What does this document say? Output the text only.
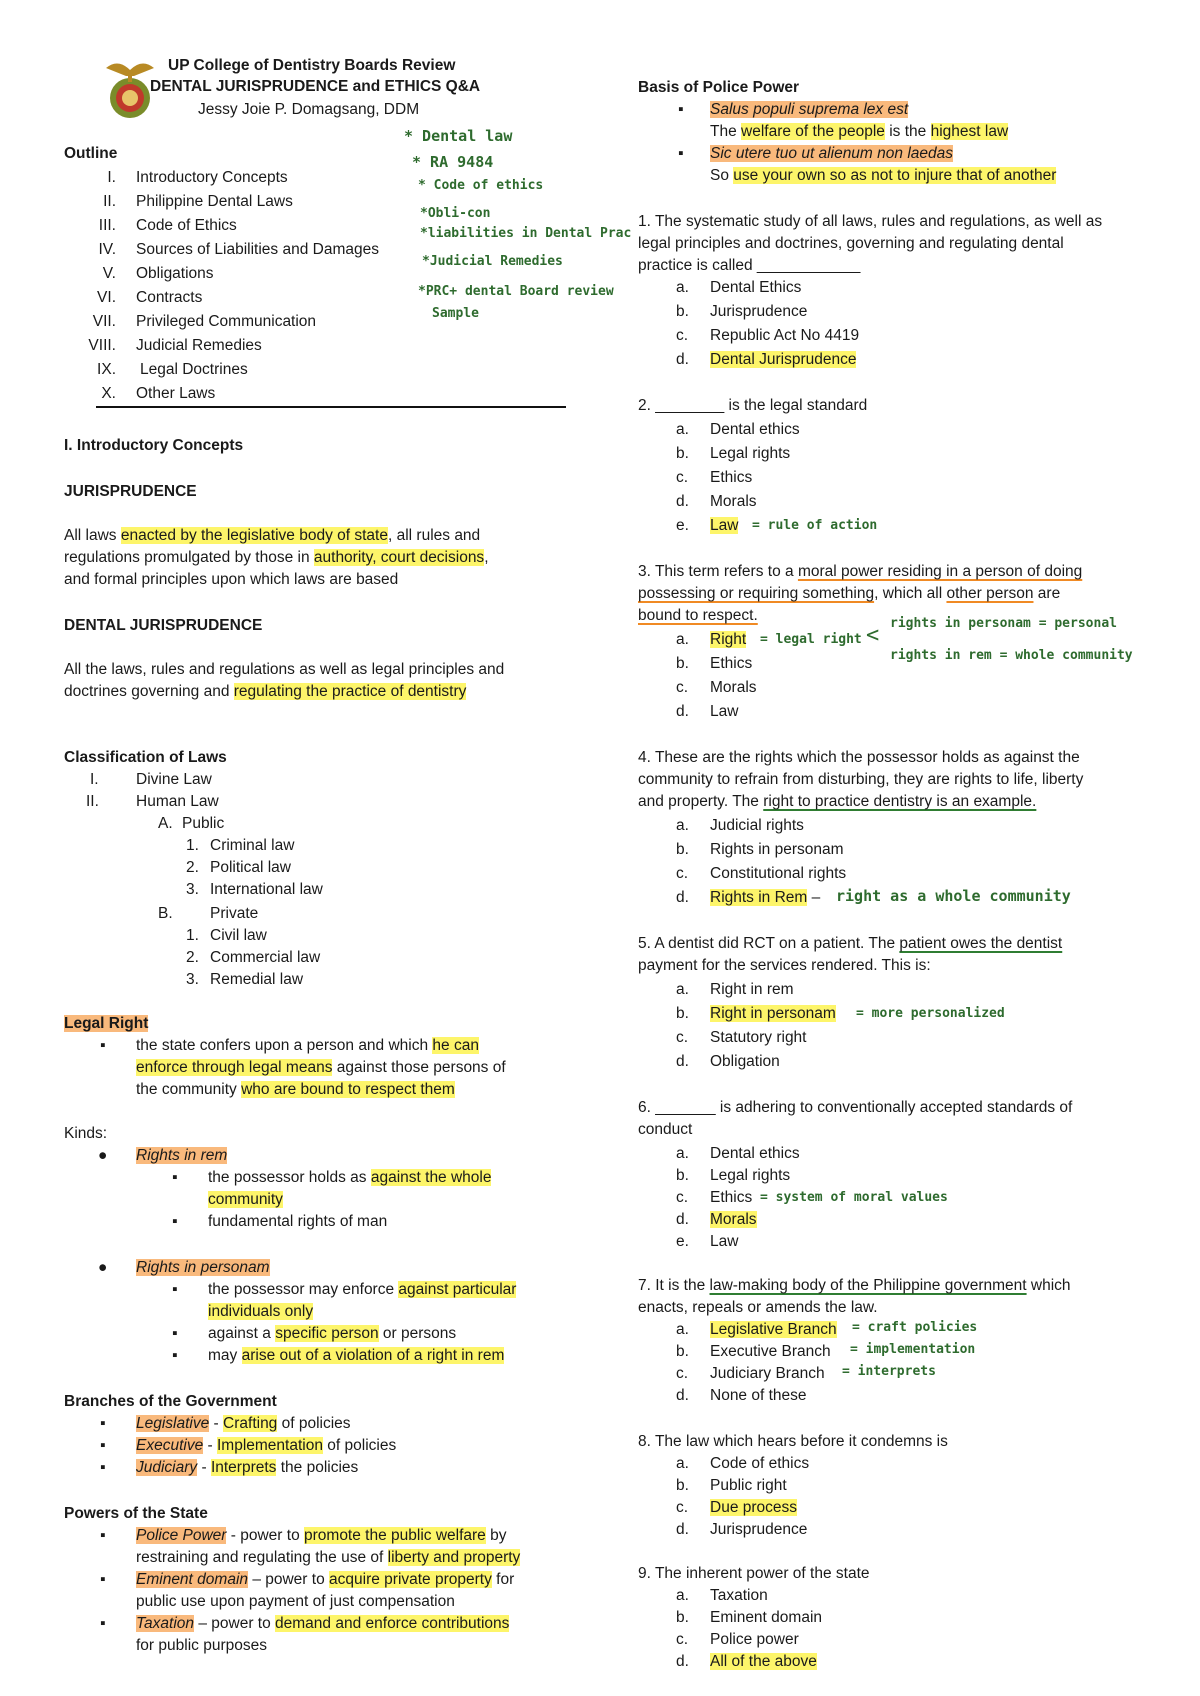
UP College of Dentistry Boards Review
DENTAL JURISPRUDENCE and ETHICS Q&A
Jessy Joie P. Domagsang, DDM
Outline
I. Introductory Concepts
II. Philippine Dental Laws
III. Code of Ethics
IV. Sources of Liabilities and Damages
V. Obligations
VI. Contracts
VII. Privileged Communication
VIII. Judicial Remedies
IX. Legal Doctrines
X. Other Laws
* Dental law
* RA 9484
* Code of ethics
*Obli-con
*liabilities in Dental Prac
*Judicial Remedies
*PRC+ dental Board review
Sample
I. Introductory Concepts
JURISPRUDENCE
All laws enacted by the legislative body of state, all rules and
regulations promulgated by those in authority, court decisions,
and formal principles upon which laws are based
DENTAL JURISPRUDENCE
All the laws, rules and regulations as well as legal principles and
doctrines governing and regulating the practice of dentistry
Classification of Laws
I. Divine Law
II. Human Law
A. Public
1. Criminal law
2. Political law
3. International law
B. Private
1. Civil law
2. Commercial law
3. Remedial law
Legal Right
▪ the state confers upon a person and which he can
enforce through legal means against those persons of
the community who are bound to respect them
Kinds:
● Rights in rem
▪ the possessor holds as against the whole
community
▪ fundamental rights of man
● Rights in personam
▪ the possessor may enforce against particular
individuals only
▪ against a specific person or persons
▪ may arise out of a violation of a right in rem
Branches of the Government
▪ Legislative - Crafting of policies
▪ Executive - Implementation of policies
▪ Judiciary - Interprets the policies
Powers of the State
▪ Police Power - power to promote the public welfare by
restraining and regulating the use of liberty and property
▪ Eminent domain – power to acquire private property for
public use upon payment of just compensation
▪ Taxation – power to demand and enforce contributions
for public purposes
Basis of Police Power
▪ Salus populi suprema lex est
The welfare of the people is the highest law
▪ Sic utere tuo ut alienum non laedas
So use your own so as not to injure that of another
1. The systematic study of all laws, rules and regulations, as well as
legal principles and doctrines, governing and regulating dental
practice is called ____________
a. Dental Ethics
b. Jurisprudence
c. Republic Act No 4419
d. Dental Jurisprudence
2. ________ is the legal standard
a. Dental ethics
b. Legal rights
c. Ethics
d. Morals
e. Law = rule of action
3. This term refers to a moral power residing in a person of doing
possessing or requiring something, which all other person are
bound to respect.
a. Right = legal right < rights in personam = personal
rights in rem = whole community
b. Ethics
c. Morals
d. Law
4. These are the rights which the possessor holds as against the
community to refrain from disturbing, they are rights to life, liberty
and property. The right to practice dentistry is an example.
a. Judicial rights
b. Rights in personam
c. Constitutional rights
d. Rights in Rem – right as a whole community
5. A dentist did RCT on a patient. The patient owes the dentist
payment for the services rendered. This is:
a. Right in rem
b. Right in personam = more personalized
c. Statutory right
d. Obligation
6. _______ is adhering to conventionally accepted standards of
conduct
a. Dental ethics
b. Legal rights
c. Ethics = system of moral values
d. Morals
e. Law
7. It is the law-making body of the Philippine government which
enacts, repeals or amends the law.
a. Legislative Branch = craft policies
b. Executive Branch = implementation
c. Judiciary Branch = interprets
d. None of these
8. The law which hears before it condemns is
a. Code of ethics
b. Public right
c. Due process
d. Jurisprudence
9. The inherent power of the state
a. Taxation
b. Eminent domain
c. Police power
d. All of the above
